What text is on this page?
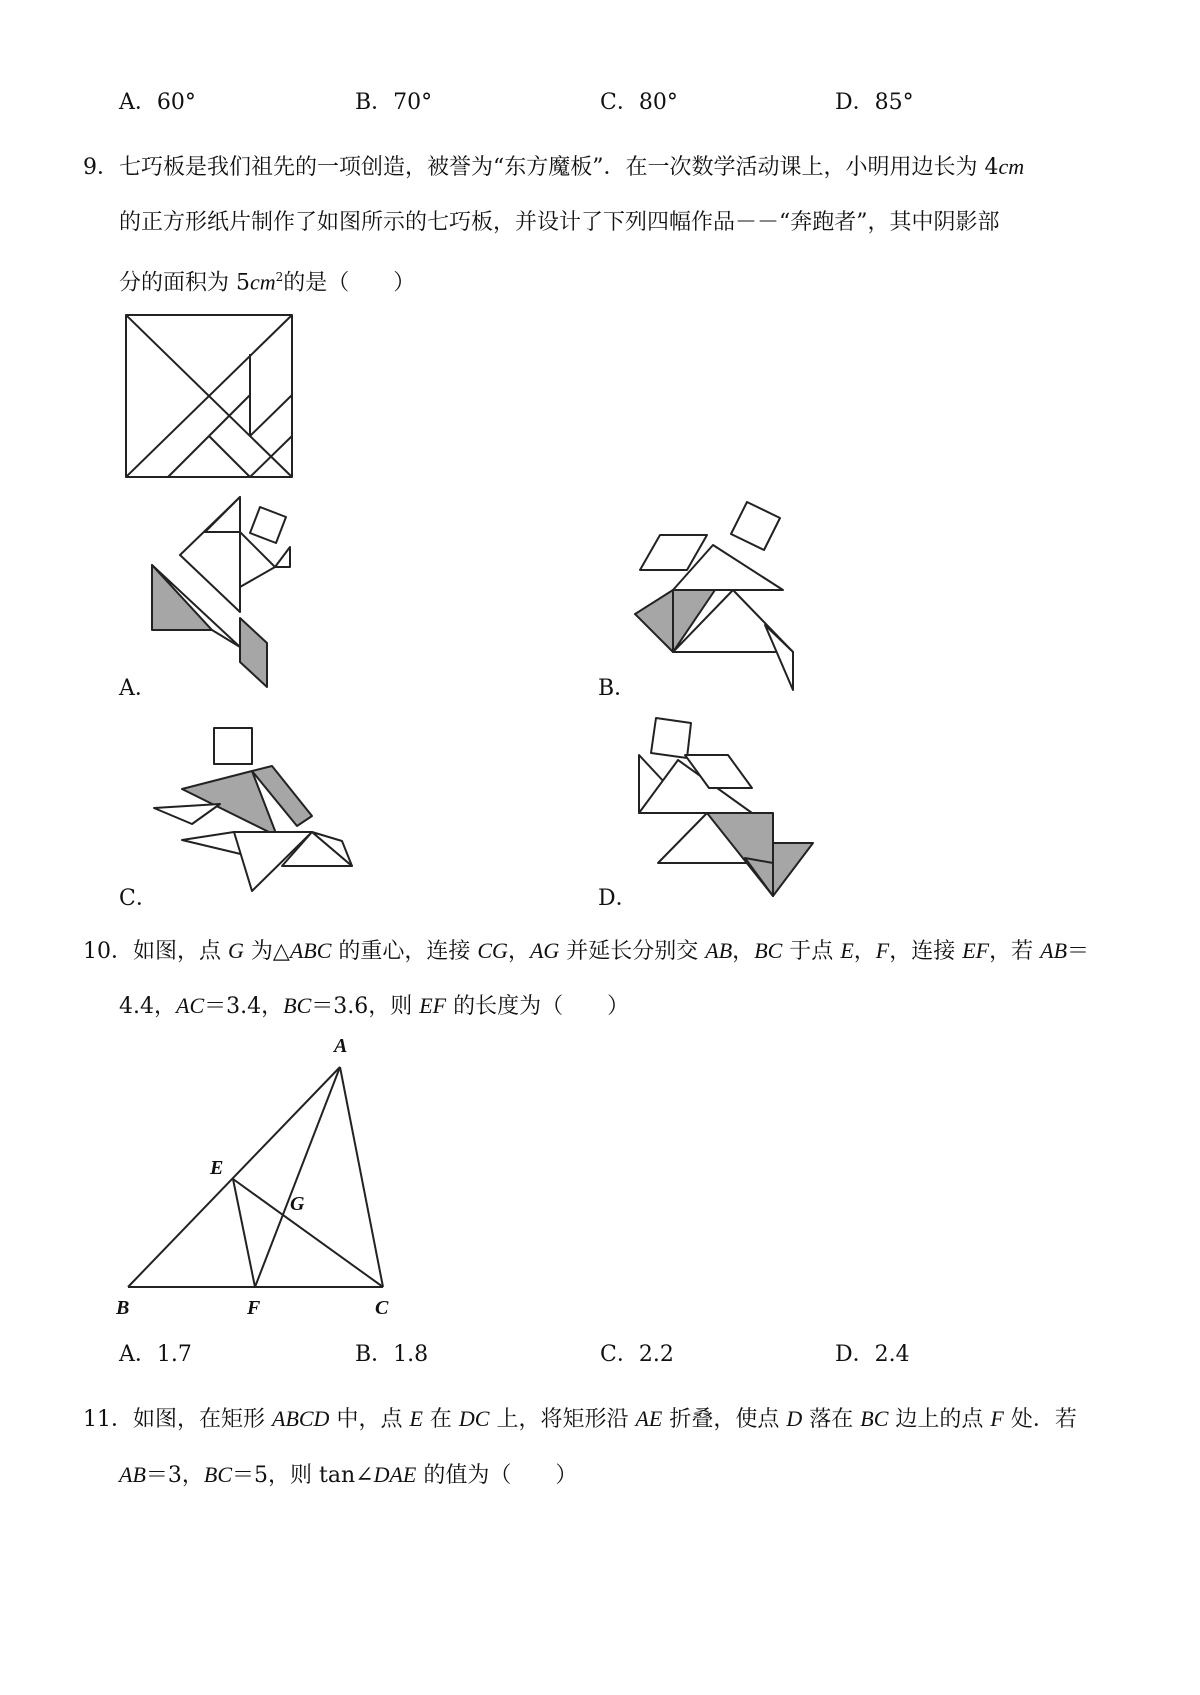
A．60°	B．70°	C．80°	D．85°
9．七巧板是我们祖先的一项创造，被誉为“东方魔板”．在一次数学活动课上，小明用边长为 4cm
的正方形纸片制作了如图所示的七巧板，并设计了下列四幅作品－－“奔跑者”，其中阴影部
分的面积为 $5cm^2$的是（　　）
A．	B．
C．	D．
10．如图，点 G 为△ABC 的重心，连接 CG，AG 并延长分别交 AB，BC 于点 E，F，连接 EF，若 AB＝
4.4，AC＝3.4，BC＝3.6，则 EF 的长度为（　　）
A
B	C
E
F
G
A．1.7	B．1.8	C．2.2	D．2.4
11．如图，在矩形 ABCD 中，点 E 在 DC 上，将矩形沿 AE 折叠，使点 D 落在 BC 边上的点 F 处．若
AB＝3，BC＝5，则 tan∠DAE 的值为（　　）
